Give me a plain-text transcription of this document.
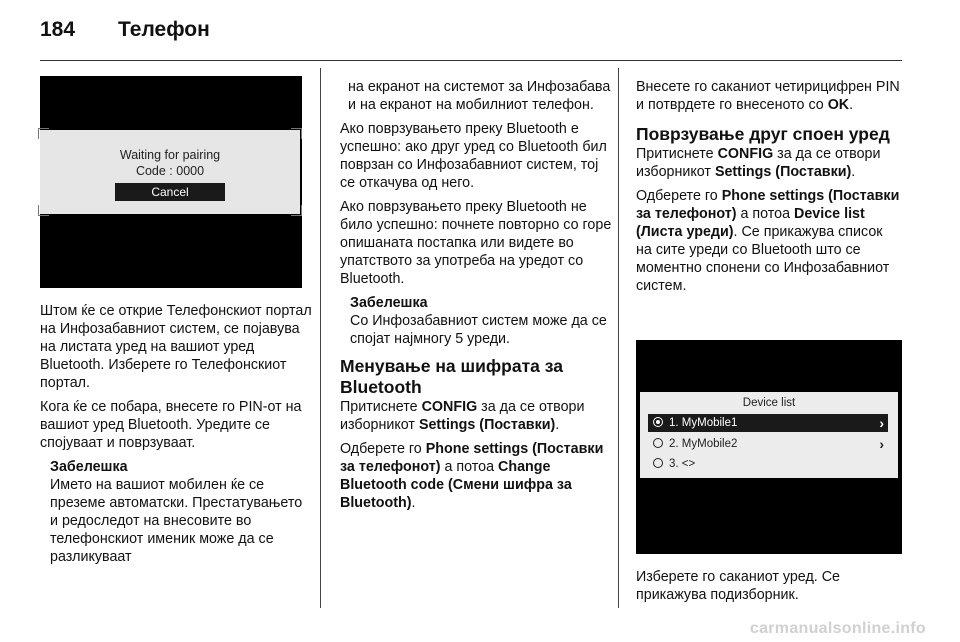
184 Телефон
Waiting for pairing
Code : 0000
Cancel

Штом ќе се открие Телефонскиот портал на Инфозабавниот систем, се појавува на листата уред на вашиот уред Bluetooth. Изберете го Телефонскиот портал.

Кога ќе се побара, внесете го PIN-от на вашиот уред Bluetooth. Уредите се спојуваат и поврзуваат.

Забелешка
Името на вашиот мобилен ќе се преземе автоматски. Престатувањето и редоследот на внесовите во телефонскиот именик може да се разликуваат
на екранот на системот за Инфозабава и на екранот на мобилниот телефон.

Ако поврзувањето преку Bluetooth е успешно: ако друг уред со Bluetooth бил поврзан со Инфозабавниот систем, тој се откачува од него.

Ако поврзувањето преку Bluetooth не било успешно: почнете повторно со горе опишаната постапка или видете во упатството за употреба на уредот со Bluetooth.

Забелешка
Со Инфозабавниот систем може да се спојат најмногу 5 уреди.
Менување на шифрата за Bluetooth

Притиснете CONFIG за да се отвори изборникот Settings (Поставки).

Одберете го Phone settings (Поставки за телефонот) а потоа Change Bluetooth code (Смени шифра за Bluetooth).

Внесете го саканиот четирицифрен PIN и потврдете го внесеното со OK.

Поврзување друг споен уред

Притиснете CONFIG за да се отвори изборникот Settings (Поставки).

Одберете го Phone settings (Поставки за телефонот) а потоа Device list (Листа уреди). Се прикажува список на сите уреди со Bluetooth што се моментно спонени со Инфозабавниот систем.

Device list
1. MyMobile1	›
2. MyMobile2	›
3. <>

Изберете го саканиот уред. Се прикажува подизборник.

carmanualsonline.info
